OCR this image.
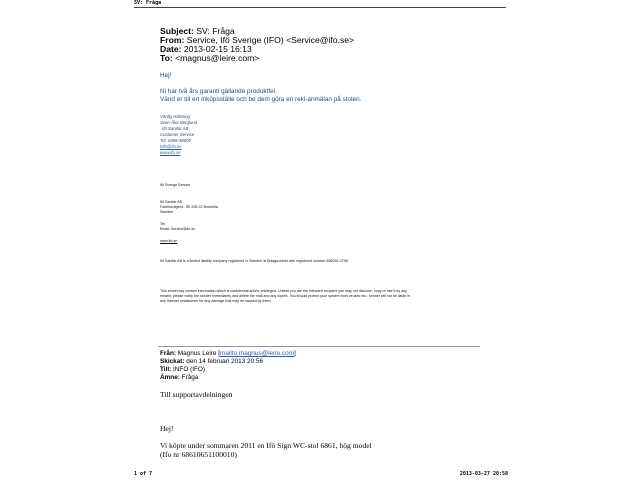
SV: Fråga
Subject: SV: Fråga
From: Service, Ifö Sverige (IFO) <Service@ifo.se>
Date: 2013-02-15 16:13
To: <magnus@leire.com>
Hej!
Ni har två års garanti gällande produktfel.
Vänd er till ert inköpsställe och be dem göra en rekl-anmälan på stolen.
Vänlig Hälsning
Sven-Åke Berglund
Ifö Sanitär AB
Customer Service
Tel. 0456-48000
info@ifo.se
www.ifo.se
Ifö Sverige Service
Ifö Sanitär AB
Fabriksvägen1, SE-295 22 Bromölla
Sweden
Tel:
Email: Service@ifo.se
www.ifo.se
Ifö Sanitär AB is a limited liability company registered in Sweden at Bolagsverket with registered number 556039-0798.
This email may contain information which is confidential and/or privileged. Unless you are the intended recipient you may not disclose, copy or use it by any
means; please notify the sender immediately and delete the mail and any copies. You should protect your system from viruses etc.; sender will not be liable in
any manner whatsoever for any damage that may be caused by them.
Från: Magnus Leire [mailto:magnus@leire.com]
Skickat: den 14 februari 2013 20:56
Till: INFO (IFO)
Ämne: Fråga
Till supportavdelningen
Hej!
Vi köpte under sommaren 2011 en Ifö Sign WC-stol 6861, hög model
(Ifo nr 68610651100010)
1 of 7	2013-03-27 20:58
